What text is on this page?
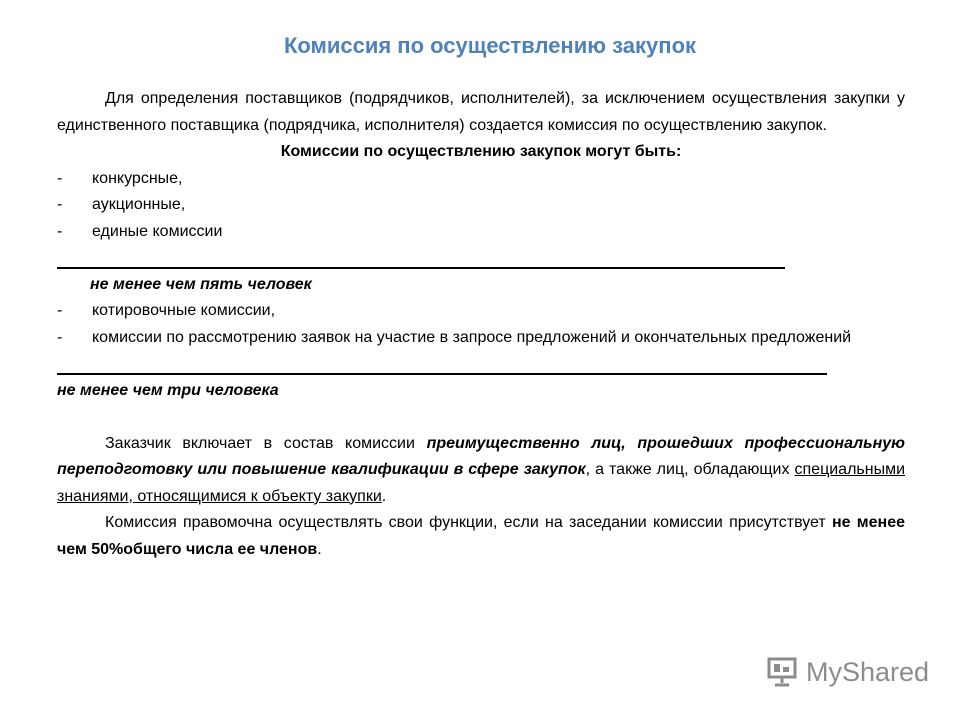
Комиссия по осуществлению закупок

Для определения поставщиков (подрядчиков, исполнителей), за исключением осуществления закупки у единственного поставщика (подрядчика, исполнителя) создается комиссия по осуществлению закупок.

Комиссии по осуществлению закупок могут быть:

- конкурсные,
- аукционные,
- единые комиссии

не менее чем пять человек

- котировочные комиссии,
- комиссии по рассмотрению заявок на участие в запросе предложений и окончательных предложений

не менее чем три человека

Заказчик включает в состав комиссии преимущественно лиц, прошедших профессиональную переподготовку или повышение квалификации в сфере закупок, а также лиц, обладающих специальными знаниями, относящимися к объекту закупки.

Комиссия правомочна осуществлять свои функции, если на заседании комиссии присутствует не менее чем 50%общего числа ее членов.

MyShared
